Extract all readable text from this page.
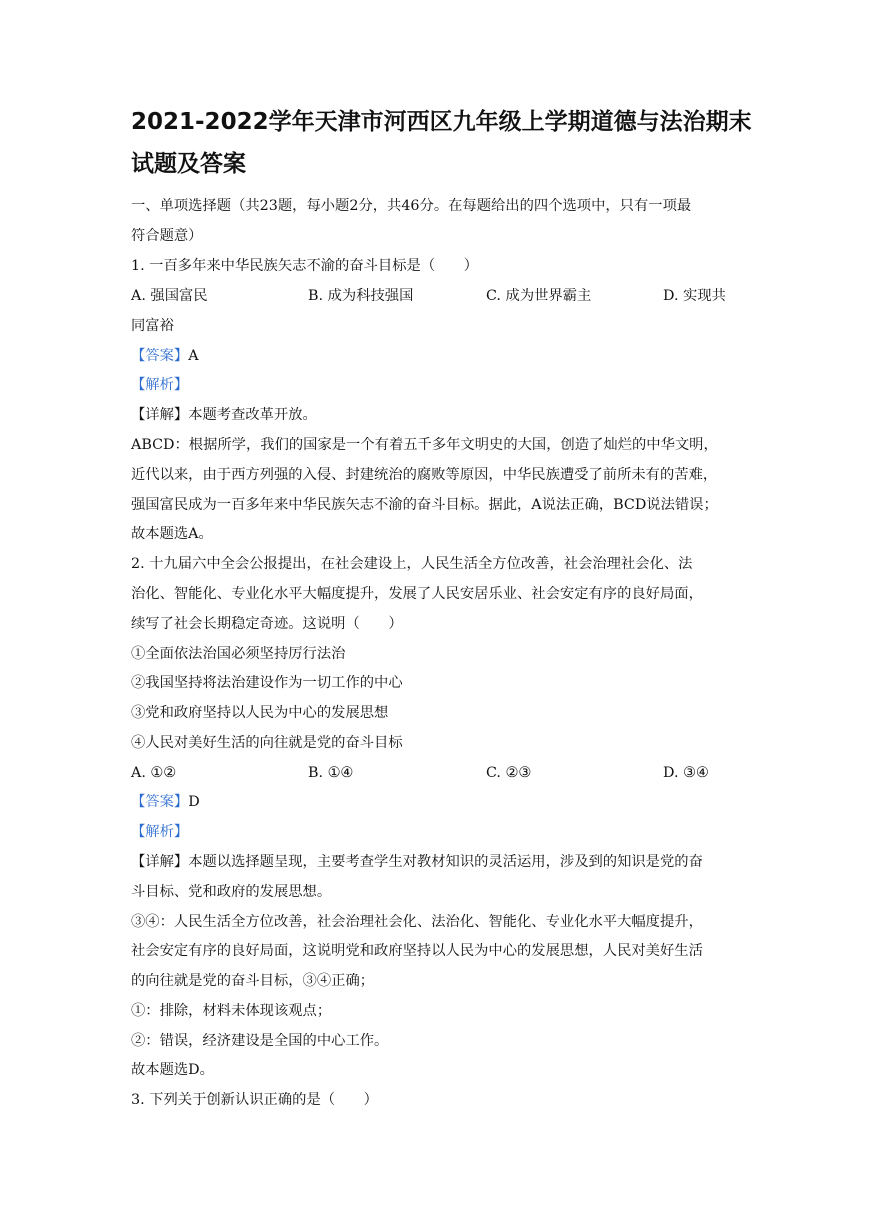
2021-2022学年天津市河西区九年级上学期道德与法治期末
试题及答案
一、单项选择题（共23题，每小题2分，共46分。在每题给出的四个选项中，只有一项最
符合题意）
1. 一百多年来中华民族矢志不渝的奋斗目标是（　　）
A. 强国富民	B. 成为科技强国	C. 成为世界霸主	D. 实现共
同富裕
【答案】A
【解析】
【详解】本题考查改革开放。
ABCD：根据所学，我们的国家是一个有着五千多年文明史的大国，创造了灿烂的中华文明，
近代以来，由于西方列强的入侵、封建统治的腐败等原因，中华民族遭受了前所未有的苦难，
强国富民成为一百多年来中华民族矢志不渝的奋斗目标。据此，A说法正确，BCD说法错误；
故本题选A。
2. 十九届六中全会公报提出，在社会建设上，人民生活全方位改善，社会治理社会化、法
治化、智能化、专业化水平大幅度提升，发展了人民安居乐业、社会安定有序的良好局面，
续写了社会长期稳定奇迹。这说明（　　）
①全面依法治国必须坚持厉行法治
②我国坚持将法治建设作为一切工作的中心
③党和政府坚持以人民为中心的发展思想
④人民对美好生活的向往就是党的奋斗目标
A. ①②	B. ①④	C. ②③	D. ③④
【答案】D
【解析】
【详解】本题以选择题呈现，主要考查学生对教材知识的灵活运用，涉及到的知识是党的奋
斗目标、党和政府的发展思想。
③④：人民生活全方位改善，社会治理社会化、法治化、智能化、专业化水平大幅度提升，
社会安定有序的良好局面，这说明党和政府坚持以人民为中心的发展思想，人民对美好生活
的向往就是党的奋斗目标，③④正确；
①：排除，材料未体现该观点；
②：错误，经济建设是全国的中心工作。
故本题选D。
3. 下列关于创新认识正确的是（　　）
